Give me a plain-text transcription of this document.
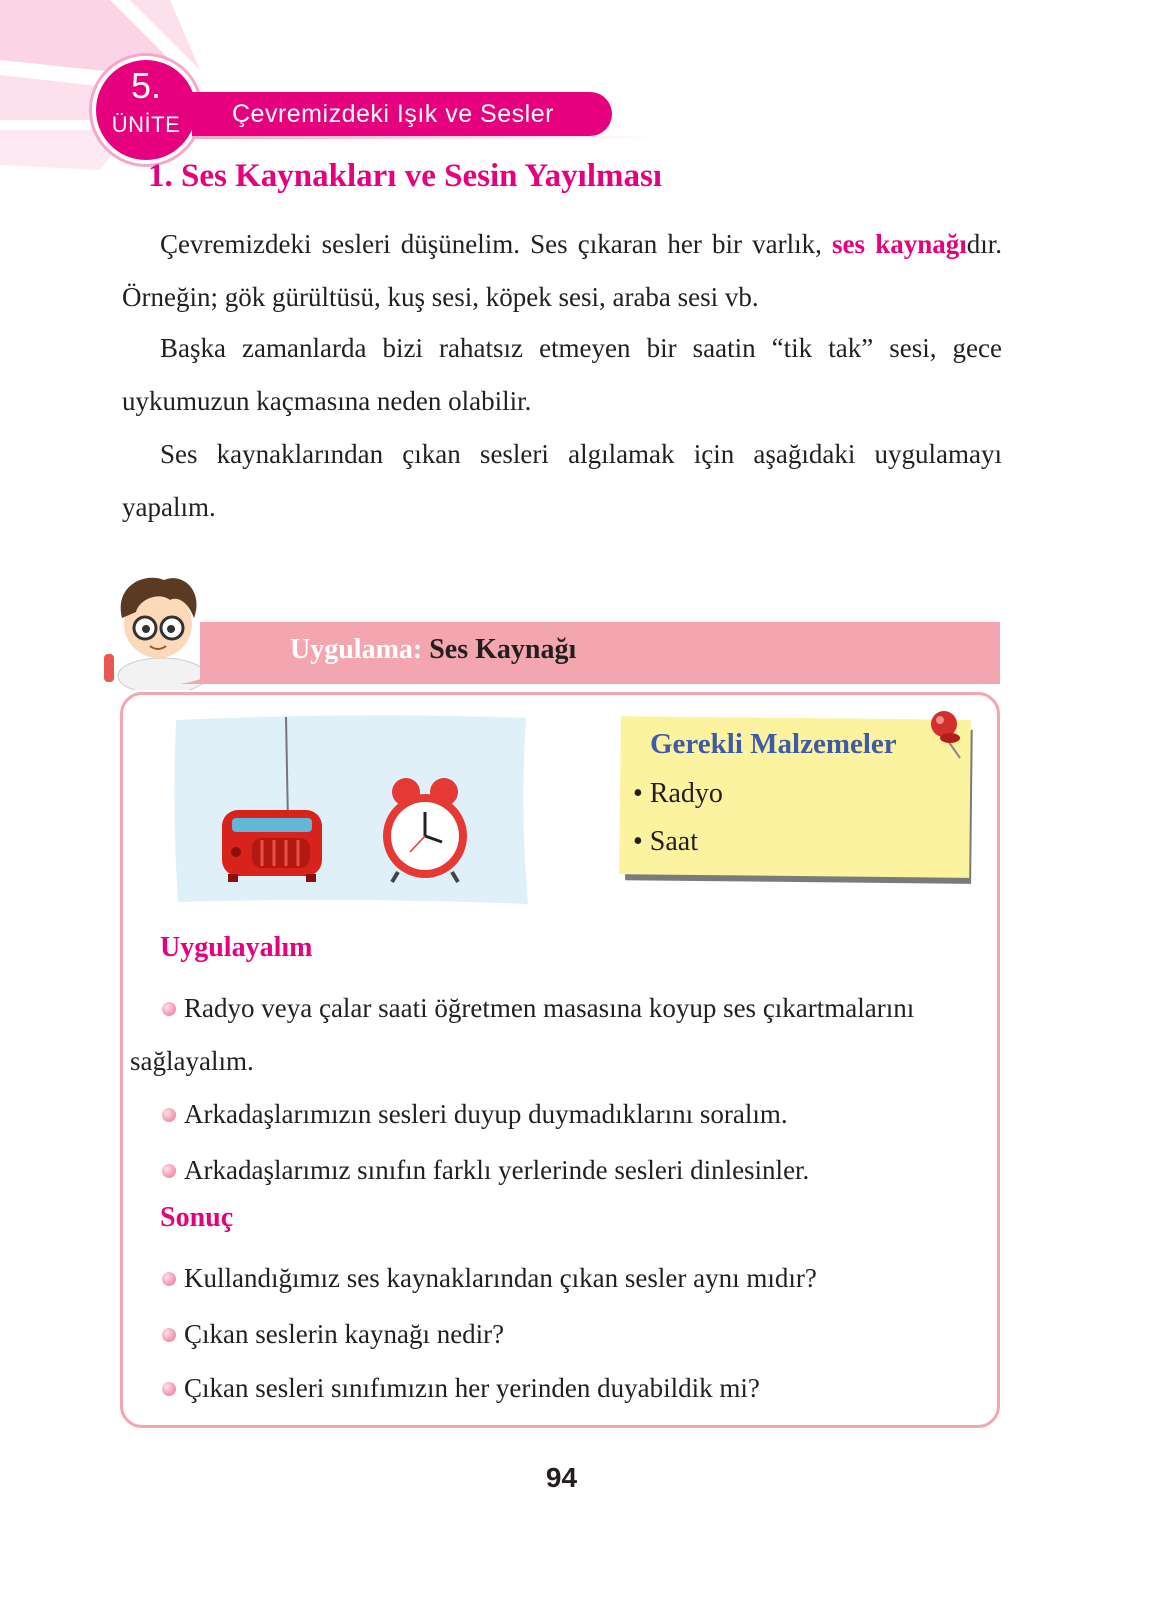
5.
ÜNİTE	Çevremizdeki Işık ve Sesler
1. Ses Kaynakları ve Sesin Yayılması
Çevremizdeki sesleri düşünelim. Ses çıkaran her bir varlık, ses kaynağıdır. Örneğin; gök gürültüsü, kuş sesi, köpek sesi, araba sesi vb.
Başka zamanlarda bizi rahatsız etmeyen bir saatin “tik tak” sesi, gece uykumuzun kaçmasına neden olabilir.
Ses kaynaklarından çıkan sesleri algılamak için aşağıdaki uygulamayı yapalım.
Uygulama: Ses Kaynağı
Gerekli Malzemeler
• Radyo
• Saat
Uygulayalım
Radyo veya çalar saati öğretmen masasına koyup ses çıkartmalarını sağlayalım.
Arkadaşlarımızın sesleri duyup duymadıklarını soralım.
Arkadaşlarımız sınıfın farklı yerlerinde sesleri dinlesinler.
Sonuç
Kullandığımız ses kaynaklarından çıkan sesler aynı mıdır?
Çıkan seslerin kaynağı nedir?
Çıkan sesleri sınıfımızın her yerinden duyabildik mi?
94
